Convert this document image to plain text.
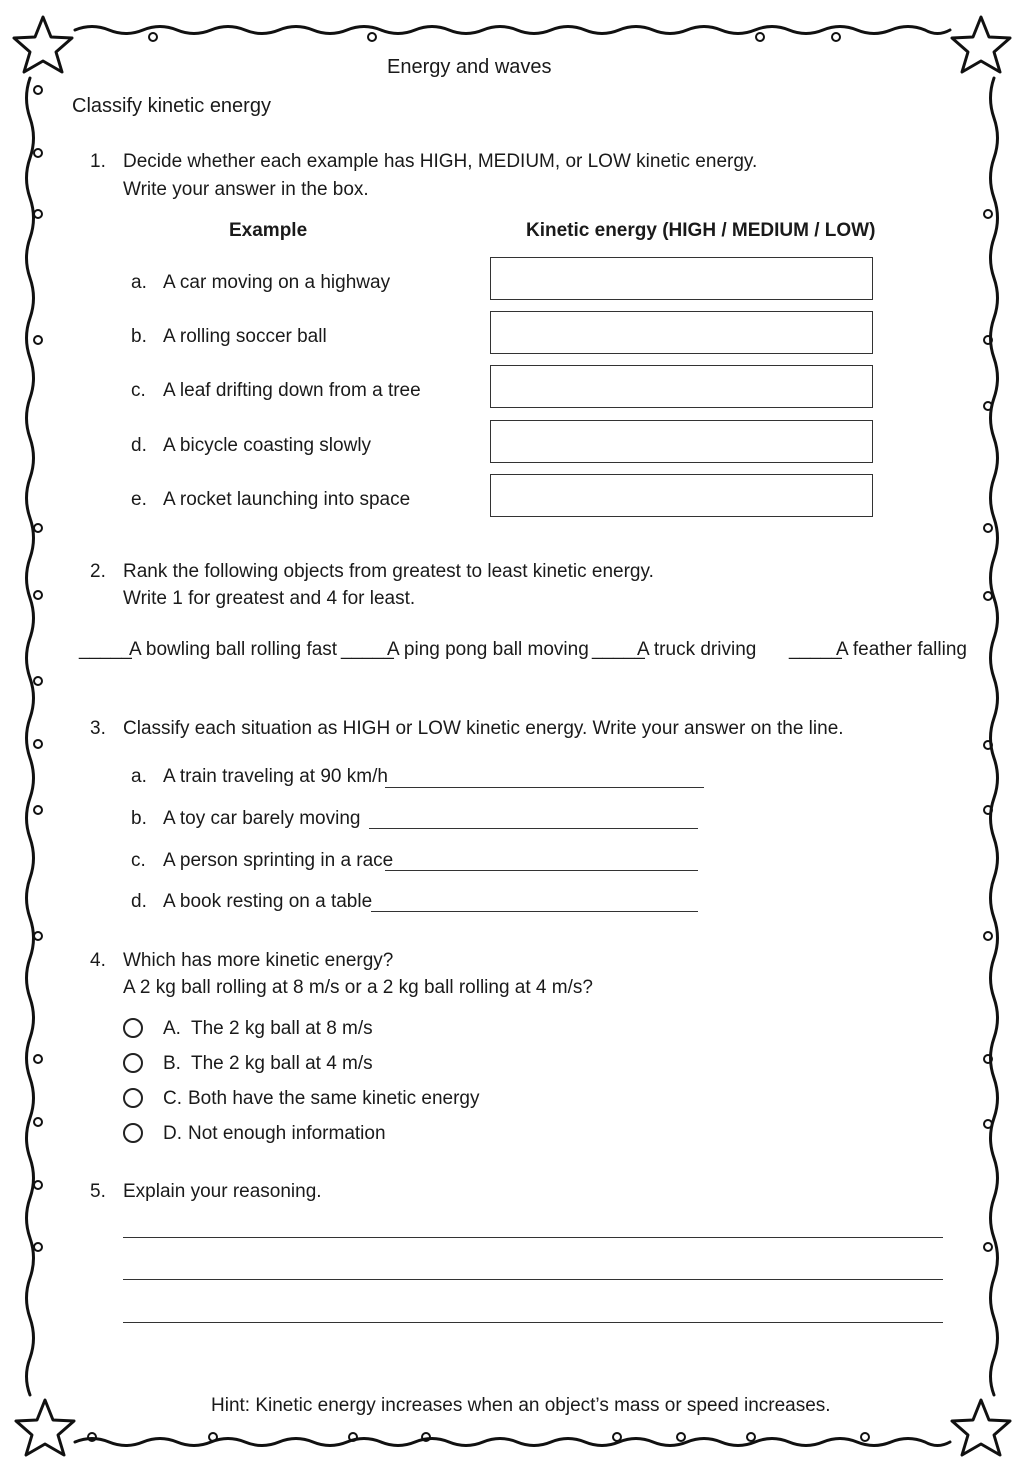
Energy and waves
Classify kinetic energy
1. Decide whether each example has HIGH, MEDIUM, or LOW kinetic energy.
Write your answer in the box.
Example	Kinetic energy (HIGH / MEDIUM / LOW)
a. A car moving on a highway
b. A rolling soccer ball
c. A leaf drifting down from a tree
d. A bicycle coasting slowly
e. A rocket launching into space
2. Rank the following objects from greatest to least kinetic energy.
Write 1 for greatest and 4 for least.
_____
A bowling ball rolling fast _____
A ping pong ball moving _____
A truck driving _____
A feather falling
3. Classify each situation as HIGH or LOW kinetic energy. Write your answer on the line.
a. A train traveling at 90 km/h
b. A toy car barely moving
c. A person sprinting in a race
d. A book resting on a table
4. Which has more kinetic energy?
A 2 kg ball rolling at 8 m/s or a 2 kg ball rolling at 4 m/s?
A. The 2 kg ball at 8 m/s
B. The 2 kg ball at 4 m/s
C. Both have the same kinetic energy
D. Not enough information
5. Explain your reasoning.
Hint: Kinetic energy increases when an object’s mass or speed increases.
